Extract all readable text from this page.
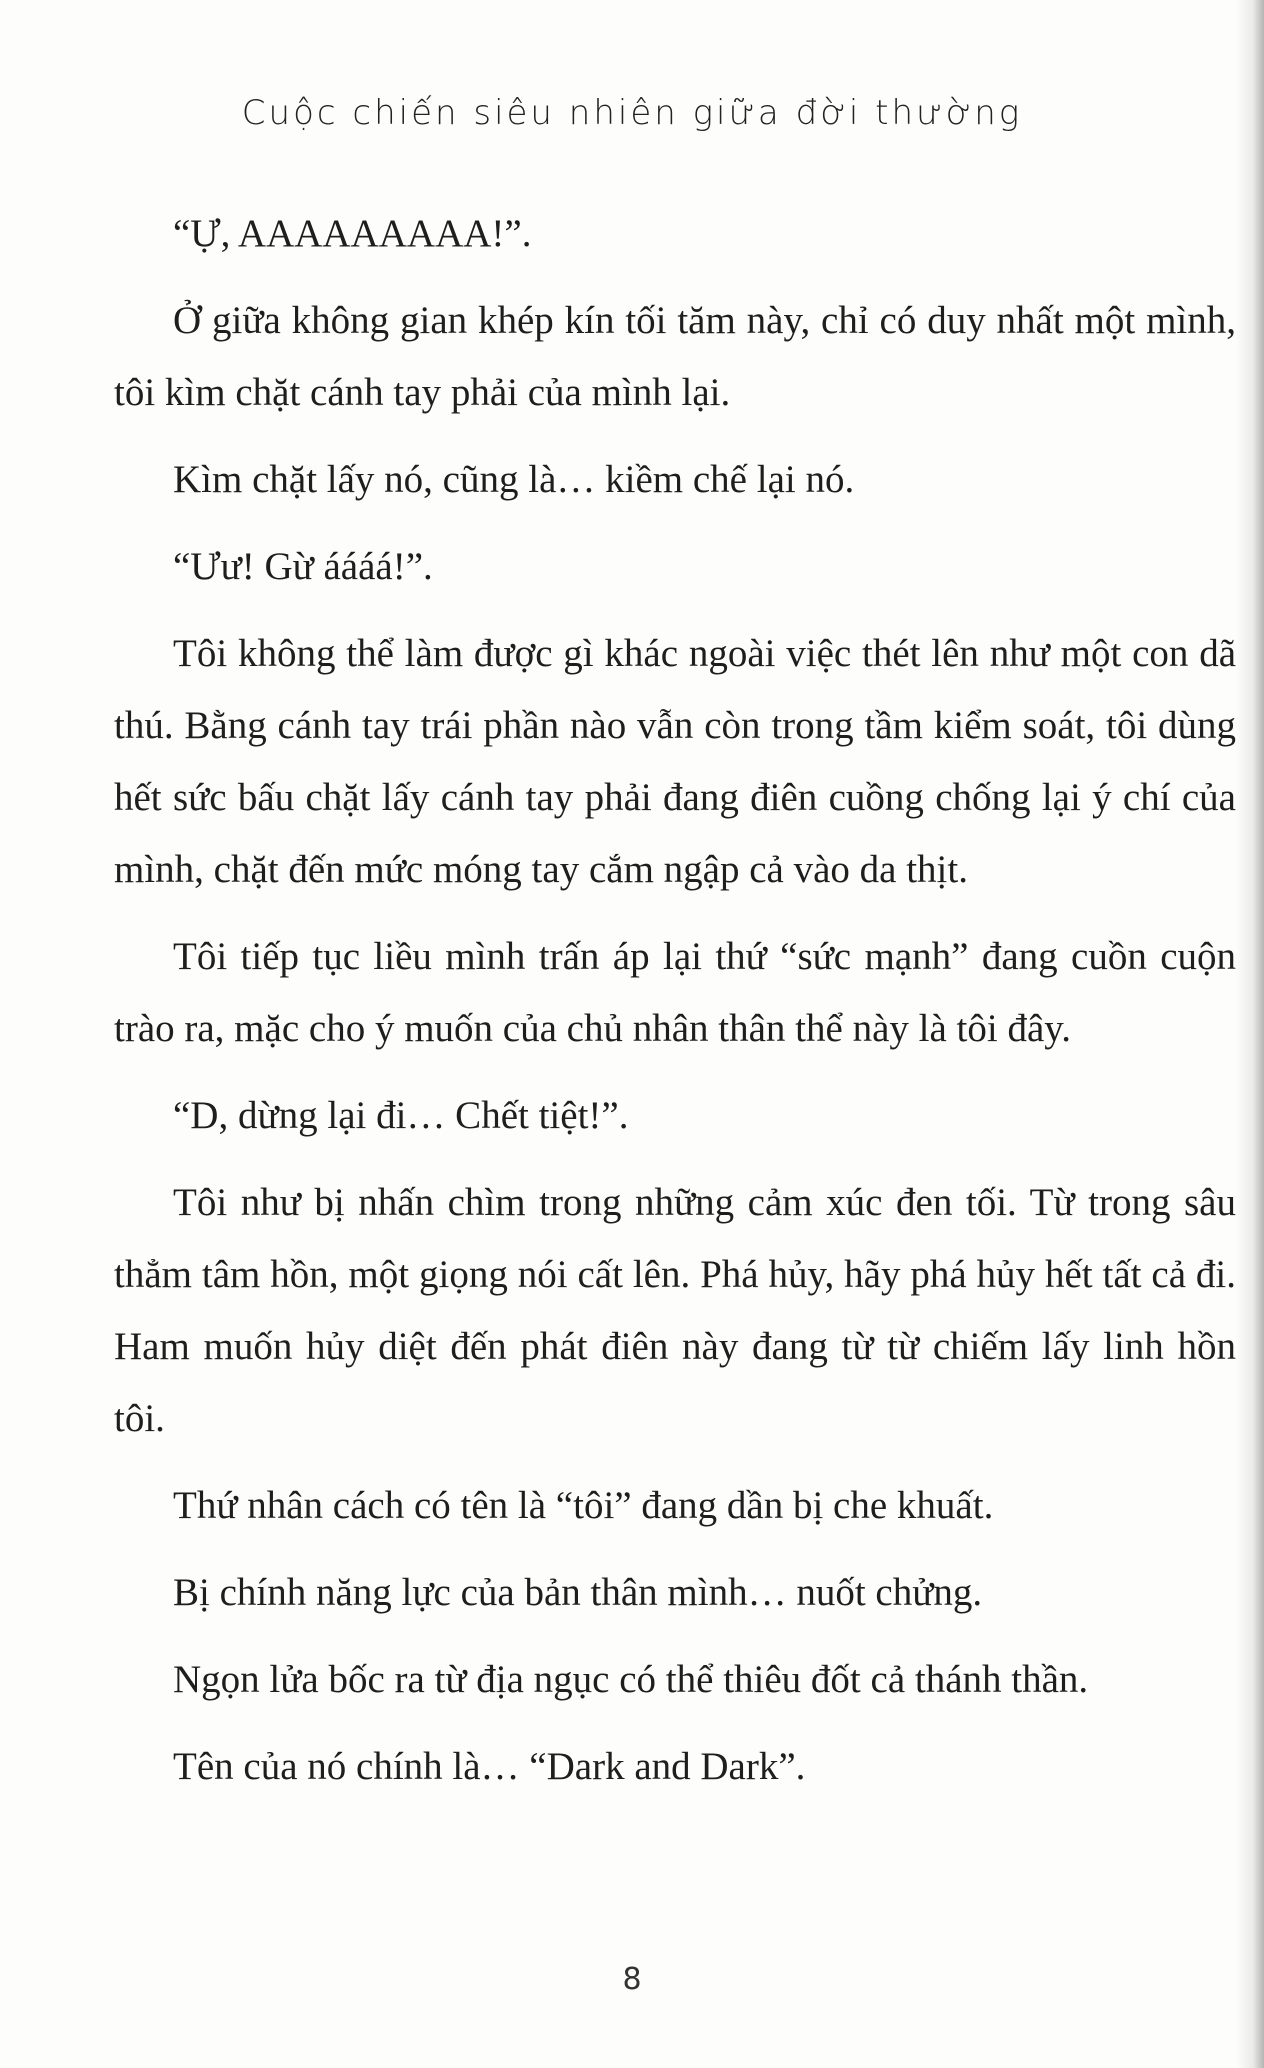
Cuộc chiến siêu nhiên giữa đời thường

“Ự, AAAAAAAAA!”.

Ở giữa không gian khép kín tối tăm này, chỉ có duy nhất một mình, tôi kìm chặt cánh tay phải của mình lại.

Kìm chặt lấy nó, cũng là… kiềm chế lại nó.

“Ưư! Gừ áááá!”.

Tôi không thể làm được gì khác ngoài việc thét lên như một con dã thú. Bằng cánh tay trái phần nào vẫn còn trong tầm kiểm soát, tôi dùng hết sức bấu chặt lấy cánh tay phải đang điên cuồng chống lại ý chí của mình, chặt đến mức móng tay cắm ngập cả vào da thịt.

Tôi tiếp tục liều mình trấn áp lại thứ “sức mạnh” đang cuồn cuộn trào ra, mặc cho ý muốn của chủ nhân thân thể này là tôi đây.

“D, dừng lại đi… Chết tiệt!”.

Tôi như bị nhấn chìm trong những cảm xúc đen tối. Từ trong sâu thẳm tâm hồn, một giọng nói cất lên. Phá hủy, hãy phá hủy hết tất cả đi. Ham muốn hủy diệt đến phát điên này đang từ từ chiếm lấy linh hồn tôi.

Thứ nhân cách có tên là “tôi” đang dần bị che khuất.

Bị chính năng lực của bản thân mình… nuốt chửng.

Ngọn lửa bốc ra từ địa ngục có thể thiêu đốt cả thánh thần.

Tên của nó chính là… “Dark and Dark”.

8
